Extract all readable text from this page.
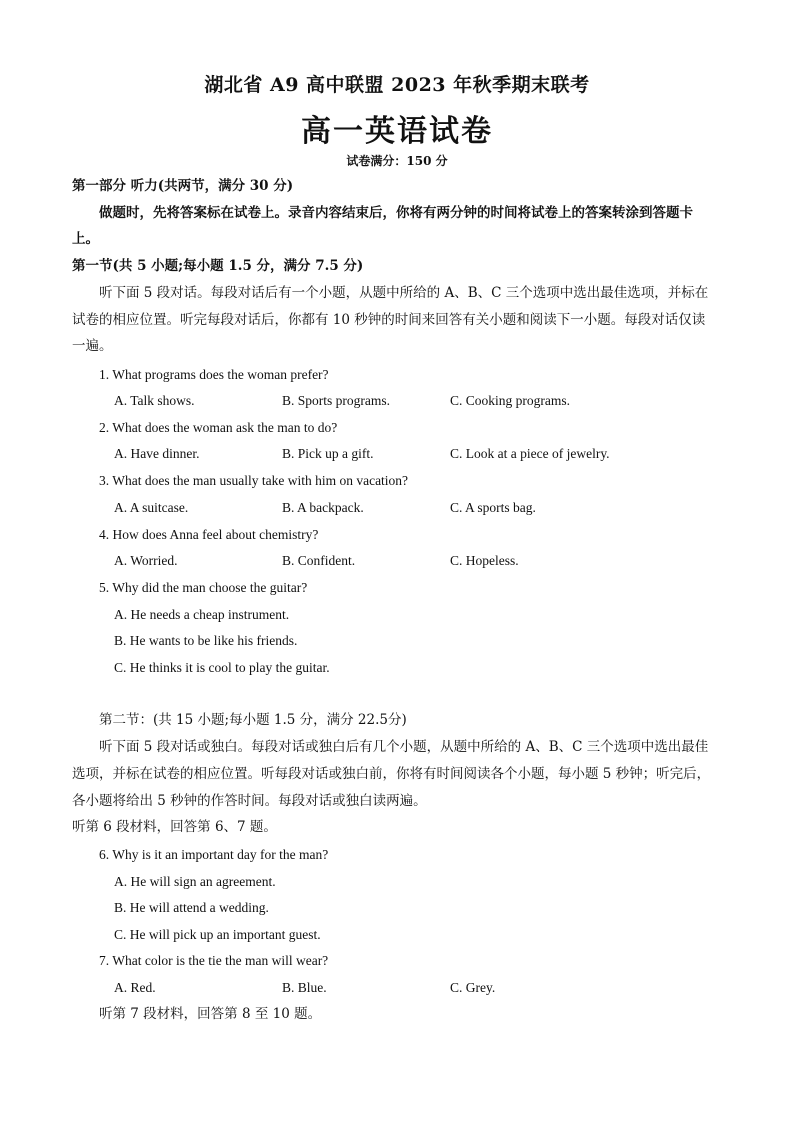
湖北省 A9 高中联盟 2023 年秋季期末联考
高一英语试卷
试卷满分：150 分
第一部分 听力(共两节，满分 30 分)
做题时，先将答案标在试卷上。录音内容结束后，你将有两分钟的时间将试卷上的答案转涂到答题卡
上。
第一节(共 5 小题;每小题 1.5 分，满分 7.5 分)
听下面 5 段对话。每段对话后有一个小题，从题中所给的 A、B、C 三个选项中选出最佳选项，并标在
试卷的相应位置。听完每段对话后，你都有 10 秒钟的时间来回答有关小题和阅读下一小题。每段对话仅读
一遍。
1. What programs does the woman prefer?
A. Talk shows.	B. Sports programs.	C. Cooking programs.
2. What does the woman ask the man to do?
A. Have dinner.	B. Pick up a gift.	C. Look at a piece of jewelry.
3. What does the man usually take with him on vacation?
A. A suitcase.	B. A backpack.	C. A sports bag.
4. How does Anna feel about chemistry?
A. Worried.	B. Confident.	C. Hopeless.
5. Why did the man choose the guitar?
A. He needs a cheap instrument.
B. He wants to be like his friends.
C. He thinks it is cool to play the guitar.
第二节：(共 15 小题;每小题 1.5 分，满分 22.5分)
听下面 5 段对话或独白。每段对话或独白后有几个小题，从题中所给的 A、B、C 三个选项中选出最佳
选项，并标在试卷的相应位置。听每段对话或独白前，你将有时间阅读各个小题，每小题 5 秒钟；听完后，
各小题将给出 5 秒钟的作答时间。每段对话或独白读两遍。
听第 6 段材料，回答第 6、7 题。
6. Why is it an important day for the man?
A. He will sign an agreement.
B. He will attend a wedding.
C. He will pick up an important guest.
7. What color is the tie the man will wear?
A. Red.	B. Blue.	C. Grey.
听第 7 段材料，回答第 8 至 10 题。
